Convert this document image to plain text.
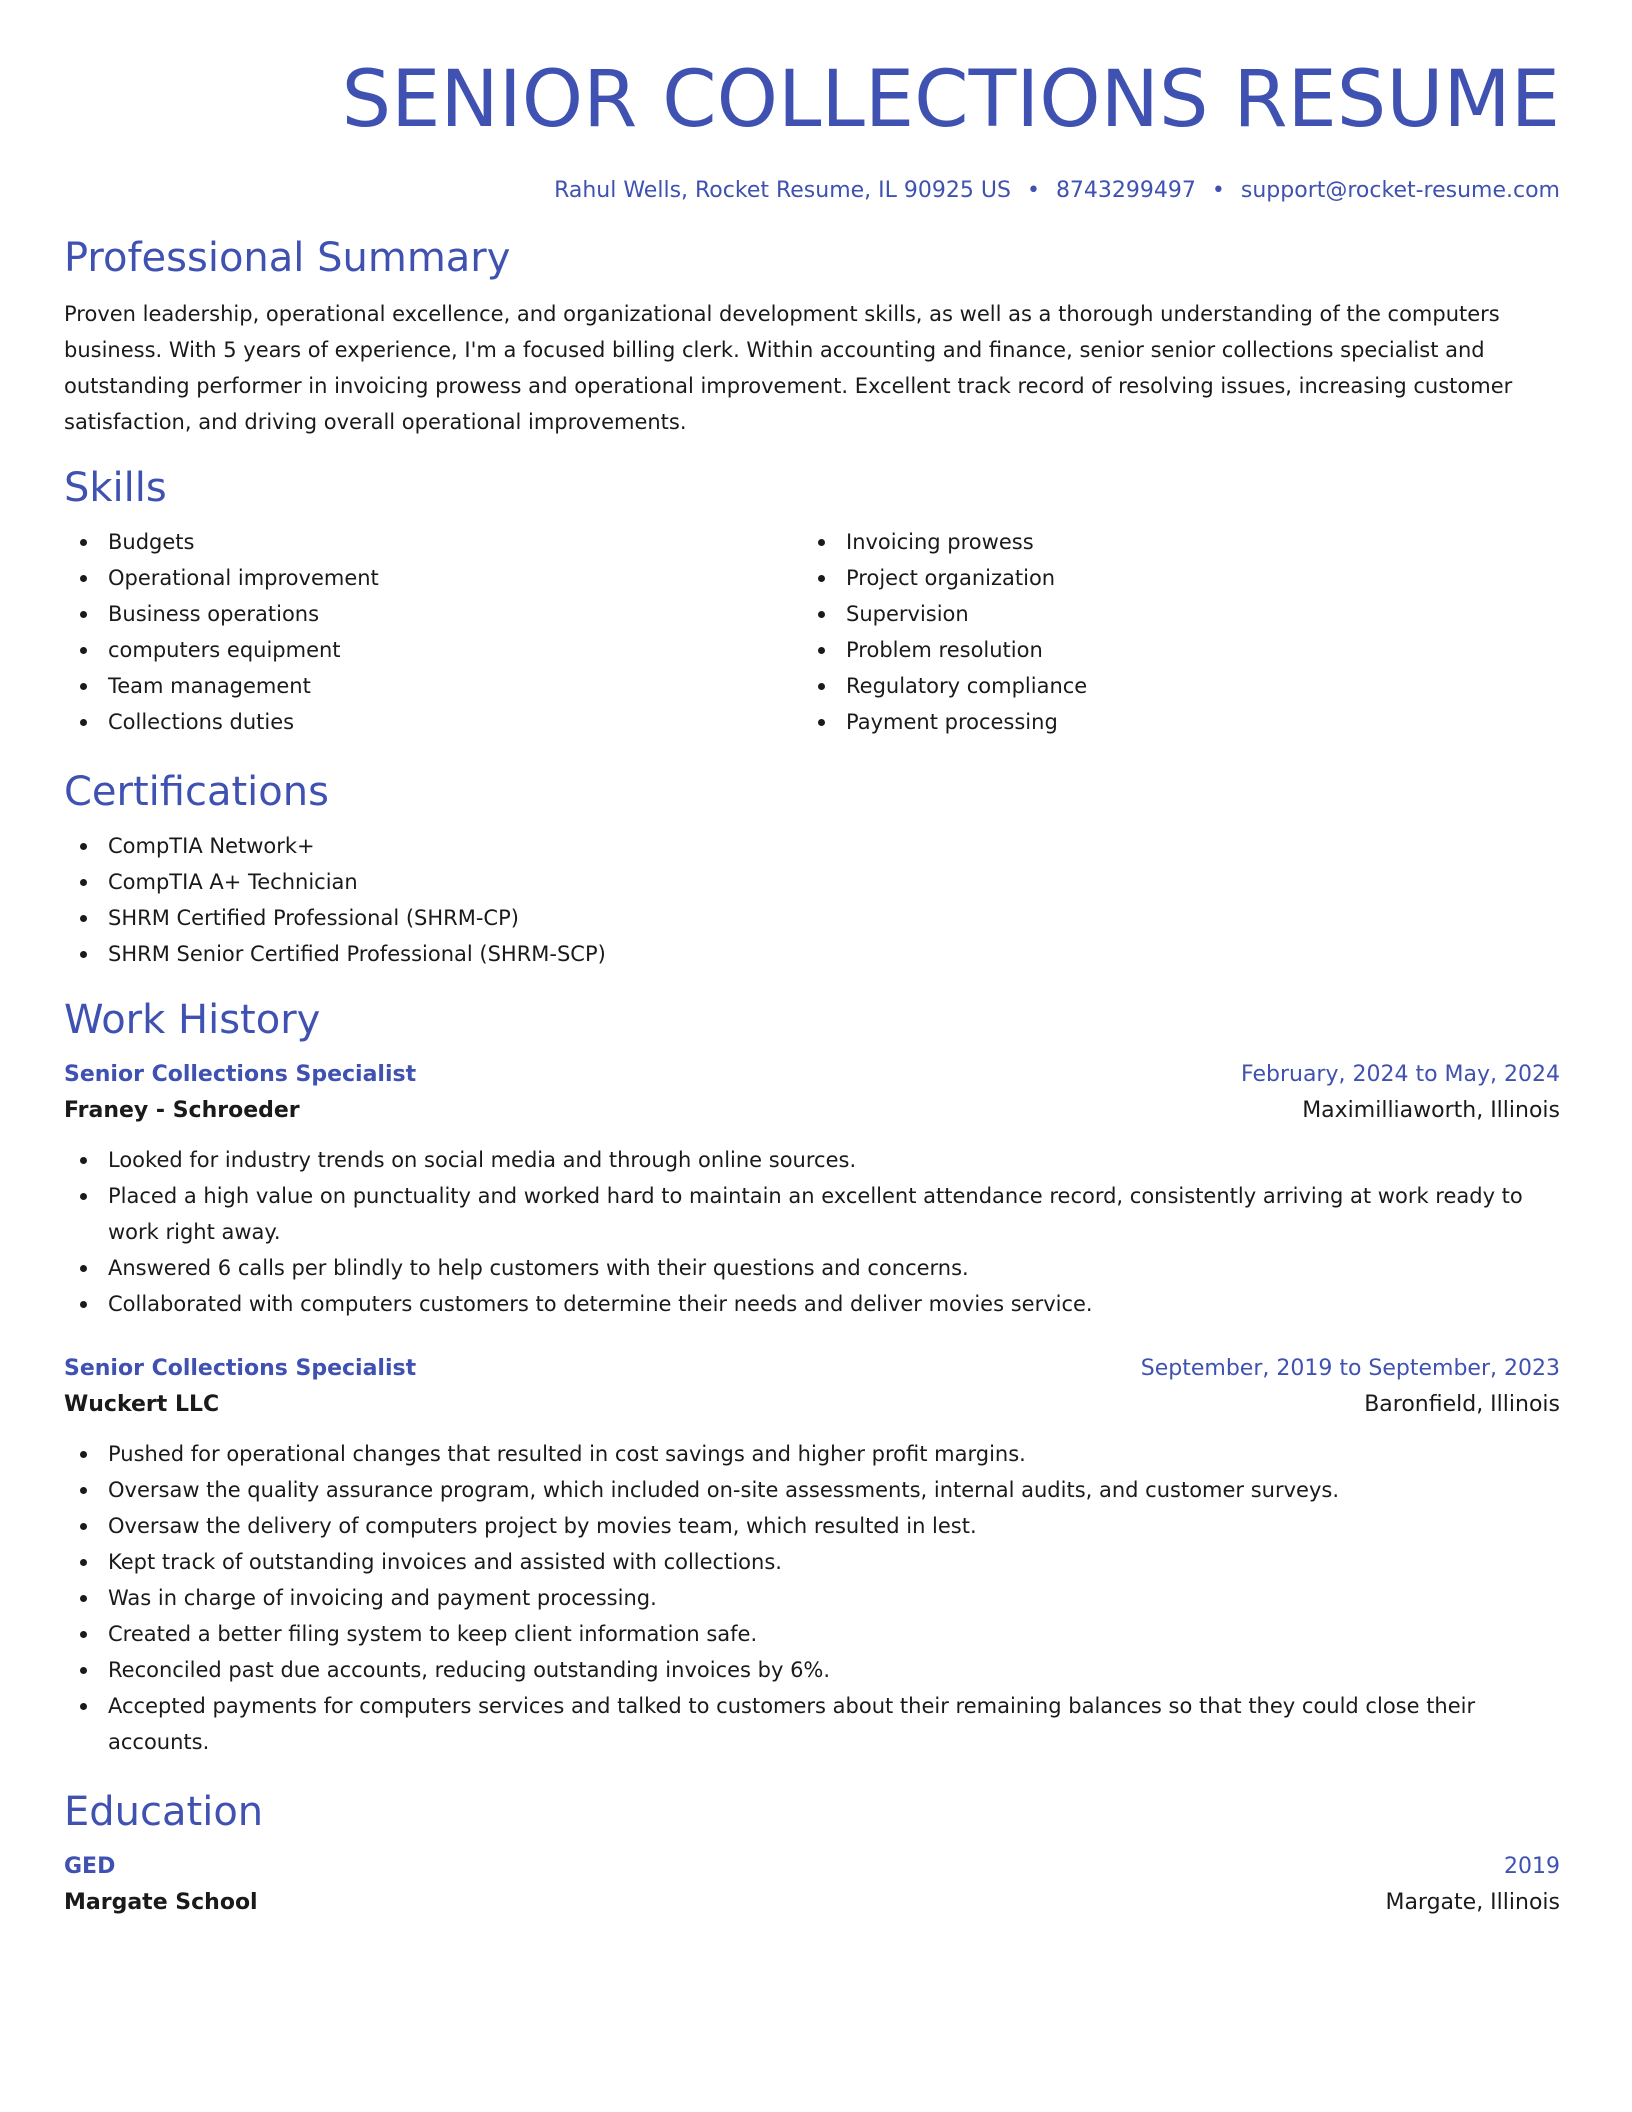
SENIOR COLLECTIONS RESUME
Rahul Wells, Rocket Resume, IL 90925 US • 8743299497 • support@rocket-resume.com
Professional Summary

Proven leadership, operational excellence, and organizational development skills, as well as a thorough understanding of the computers business. With 5 years of experience, I'm a focused billing clerk. Within accounting and finance, senior senior collections specialist and outstanding performer in invoicing prowess and operational improvement. Excellent track record of resolving issues, increasing customer satisfaction, and driving overall operational improvements.

Skills
Budgets
Operational improvement
Business operations
computers equipment
Team management
Collections duties
Invoicing prowess
Project organization
Supervision
Problem resolution
Regulatory compliance
Payment processing
Certifications
CompTIA Network+
CompTIA A+ Technician
SHRM Certified Professional (SHRM-CP)
SHRM Senior Certified Professional (SHRM-SCP)
Work History
Senior Collections Specialist	February, 2024 to May, 2024
Franey - Schroeder	Maximilliaworth, Illinois
Looked for industry trends on social media and through online sources.
Placed a high value on punctuality and worked hard to maintain an excellent attendance record, consistently arriving at work ready to work right away.
Answered 6 calls per blindly to help customers with their questions and concerns.
Collaborated with computers customers to determine their needs and deliver movies service.
Senior Collections Specialist	September, 2019 to September, 2023
Wuckert LLC	Baronfield, Illinois
Pushed for operational changes that resulted in cost savings and higher profit margins.
Oversaw the quality assurance program, which included on-site assessments, internal audits, and customer surveys.
Oversaw the delivery of computers project by movies team, which resulted in lest.
Kept track of outstanding invoices and assisted with collections.
Was in charge of invoicing and payment processing.
Created a better filing system to keep client information safe.
Reconciled past due accounts, reducing outstanding invoices by 6%.
Accepted payments for computers services and talked to customers about their remaining balances so that they could close their accounts.
Education
GED	2019
Margate School	Margate, Illinois
